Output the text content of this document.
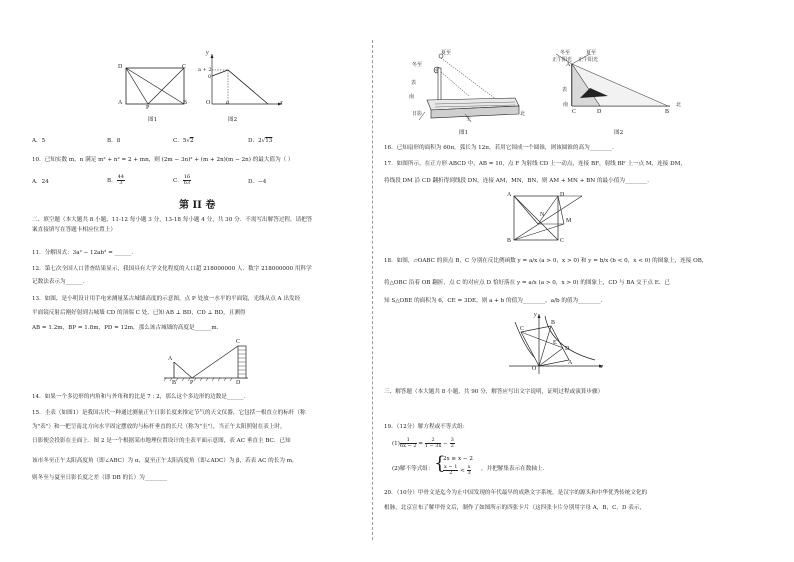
D	C
A
P
B
图1
y
a + 2
0
O	a	x
图2
A．5	B．8	C．5√2	D．2√13
10．已知实数 m，n 满足 m² + n² = 2 + mn，则 (2m − 3n)² + (m + 2n)(m − 2n) 的最大值为（ ）
A．24	B． $\frac{44}{3}$	C． $\frac{16}{63}$	D．−4
第 II 卷
二、填空题（本大题共 8 小题，11-12 每小题 3 分，13-18 每小题 4 分，共 30 分．不需写出解答过程，请把答
案直接填写在答题卡相应位置上）
11．分解因式：3a² − 12ab² = ______．
12．第七次全国人口普查结果显示，我国具有大学文化程度的人口超 218000000 人．数字 218000000 用科学
记数法表示为______．
13．如图，是小明设计用手电来测量某古城墙高度的示意图，点 P 处放一水平的平面镜，光线从点 A 出发经
平面镜反射后刚好射到古城墙 CD 的顶端 C 处，已知 AB ⊥ BD，CD ⊥ BD，且测得
AB = 1.2m，BP = 1.8m，PD = 12m，那么该古城墙的高度是______m．
A
B P	D
C
14．如果一个多边形的内角和与外角和的比是 7 : 2，那么这个多边形的边数是______．
15．圭表（如图1）是我国古代一种通过测量正午日影长度来推定节气的天文仪器，它包括一根直立的标杆（称
为"表"）和一把呈南北方向水平固定摆放的与标杆垂直的长尺（称为"圭"），当正午太阳照射在表上时，
日影便会投影在圭面上．图 2 是一个根据某市地理位置设计的圭表平面示意图，表 AC 垂直圭 BC．已知
该市冬至正午太阳高度角（即∠ABC）为 α，夏至正午太阳高度角（即∠ADC）为 β，若表 AC 的长为 m，
则冬至与夏至日影长度之差（即 DB 的长）为________
夏至
冬至
表
南
日影
圭
北
图1
冬至
正午阳光
夏至
正午阳光
A
表
南
C	D	B
北
图2
16．已知扇形的面积为 60π，弧长为 12π，若用它围成一个圆锥，则该圆锥的高为________．
17．如图所示，在正方形 ABCD 中，AB = 10，点 F 为射线 CD 上一动点，连接 BF，射线 BF 上一点 M，连接 DM，
将线段 DM 沿 CD 翻折得到线段 DN，连接 AM，MN，BN，则 AM + MN + BN 的最小值为________．
A
B	C
D
N
M
18．如图，▱OABC 的顶点 B，C 分别在反比例函数 y = a/x (a > 0，x > 0) 和 y = b/x (b < 0，x < 0) 的图象上，连接 OB，
将△OBC 沿着 OB 翻折，点 C 的对应点 D 恰好落在 y = a/x (a > 0，x > 0) 的图象上，CD 与 BA 交于点 E．已
知 S△OBE 的面积为 6，CE = 3DE，则 a + b 的值为________，a/b 的值为________．
y
C
B
E
D
A
O	x
三、解答题（本大题共 8 小题，共 90 分，解答应写出文字说明，证明过程或演算步骤）
19．（12分）解方程或不等式组：
$(1) \frac{1}{6x - 2} = \frac{2}{1 - 3x} - \frac{3}{2}$
(2)解不等式组： {
2x ≥ x − 2
$\frac{x - 1}{2} < \frac{x}{3}$ ，并把解集表示在数轴上．
20．（10分）甲骨文是迄今为止中国发现的年代最早的成熟文字系统，是汉字的源头和中华优秀传统文化的
根脉，北京宣布了解甲骨文后，制作了如图所示的四张卡片（这四张卡片分别用字母 A，B，C，D 表示，
